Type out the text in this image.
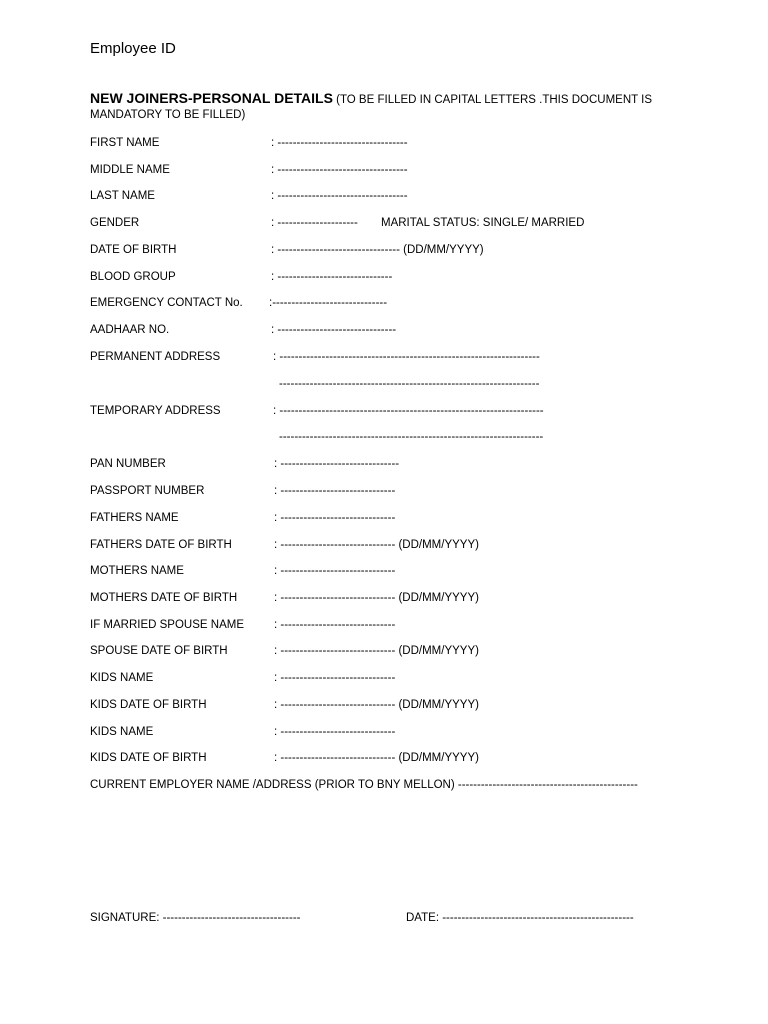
Employee ID
NEW JOINERS-PERSONAL DETAILS (TO BE FILLED IN CAPITAL LETTERS .THIS DOCUMENT IS MANDATORY TO BE FILLED)
FIRST NAME	: ----------------------------------
MIDDLE NAME	: ----------------------------------
LAST NAME	: ----------------------------------
GENDER	: --------------------- MARITAL STATUS: SINGLE/ MARRIED
DATE OF BIRTH	: -------------------------------- (DD/MM/YYYY)
BLOOD GROUP	: ------------------------------
EMERGENCY CONTACT No. :------------------------------
AADHAAR NO.	: -------------------------------
PERMANENT ADDRESS	: --------------------------------------------------------------------
--------------------------------------------------------------------
TEMPORARY ADDRESS	: ---------------------------------------------------------------------
---------------------------------------------------------------------
PAN NUMBER	: -------------------------------
PASSPORT NUMBER	: ------------------------------
FATHERS NAME	: ------------------------------
FATHERS DATE OF BIRTH	: ------------------------------ (DD/MM/YYYY)
MOTHERS NAME	: ------------------------------
MOTHERS DATE OF BIRTH	: ------------------------------ (DD/MM/YYYY)
IF MARRIED SPOUSE NAME	: ------------------------------
SPOUSE DATE OF BIRTH	: ------------------------------ (DD/MM/YYYY)
KIDS NAME	: ------------------------------
KIDS DATE OF BIRTH	: ------------------------------ (DD/MM/YYYY)
KIDS NAME	: ------------------------------
KIDS DATE OF BIRTH	: ------------------------------ (DD/MM/YYYY)
CURRENT EMPLOYER NAME /ADDRESS (PRIOR TO BNY MELLON) -----------------------------------------------
SIGNATURE: ------------------------------------	DATE: --------------------------------------------------
